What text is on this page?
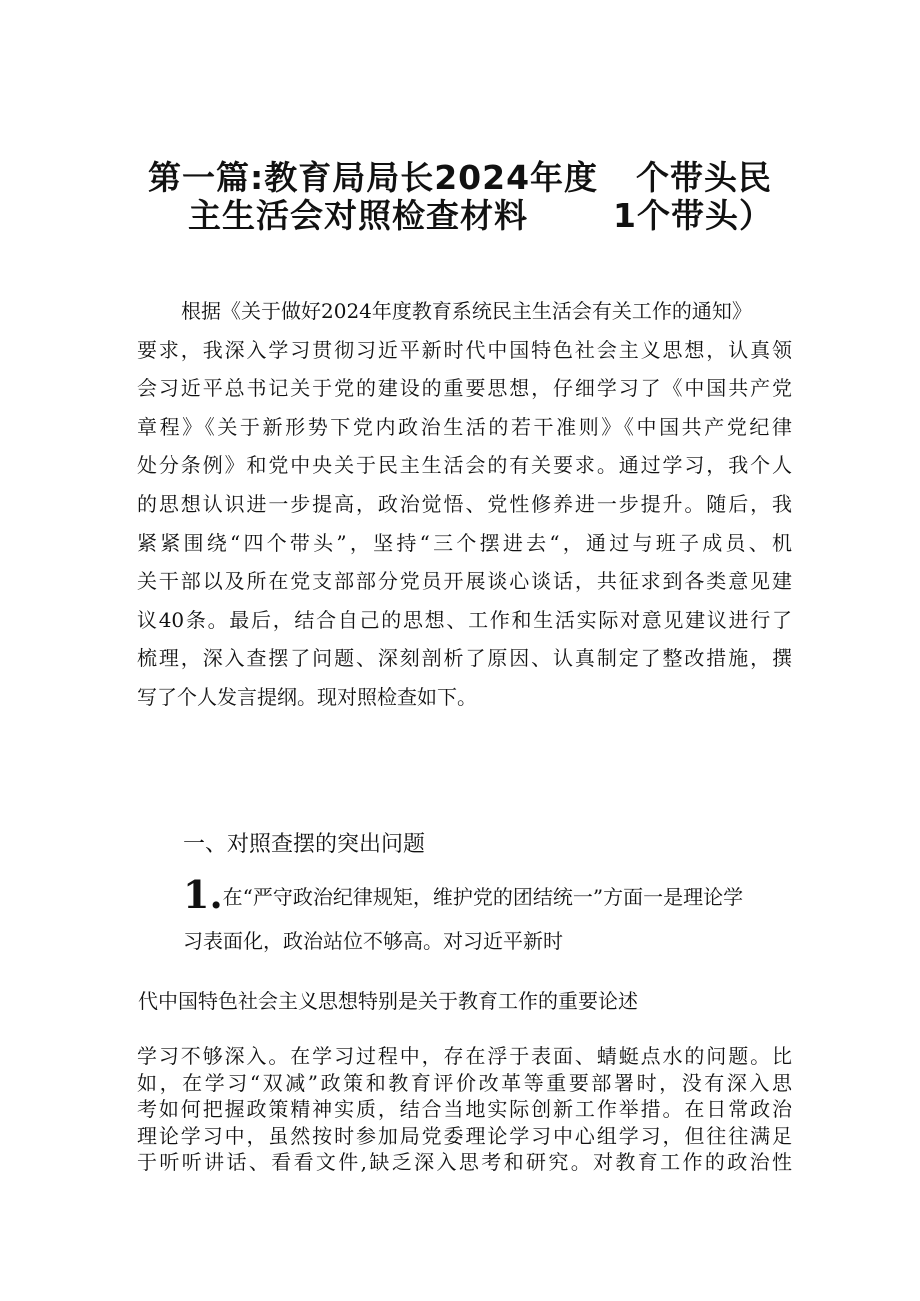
第一篇:教育局局长2024年度 个带头民
主生活会对照检查材料	1个带头）
根据《关于做好2024年度教育系统民主生活会有关工作的通知》
要求，我深入学习贯彻习近平新时代中国特色社会主义思想，认真领
会习近平总书记关于党的建设的重要思想，仔细学习了《中国共产党
章程》《关于新形势下党内政治生活的若干准则》《中国共产党纪律
处分条例》和党中央关于民主生活会的有关要求。通过学习，我个人
的思想认识进一步提高，政治觉悟、党性修养进一步提升。随后，我
紧紧围绕“四个带头”，坚持“三个摆进去“，通过与班子成员、机
关干部以及所在党支部部分党员开展谈心谈话，共征求到各类意见建
议40条。最后，结合自己的思想、工作和生活实际对意见建议进行了
梳理，深入查摆了问题、深刻剖析了原因、认真制定了整改措施，撰
写了个人发言提纲。现对照检查如下。
一、对照查摆的突出问题
1.在“严守政治纪律规矩，维护党的团结统一”方面一是理论学
习表面化，政治站位不够高。对习近平新时
代中国特色社会主义思想特别是关于教育工作的重要论述
学习不够深入。在学习过程中，存在浮于表面、蜻蜓点水的问题。比
如，在学习“双减”政策和教育评价改革等重要部署时，没有深入思
考如何把握政策精神实质，结合当地实际创新工作举措。在日常政治
理论学习中，虽然按时参加局党委理论学习中心组学习，但往往满足
于听听讲话、看看文件,缺乏深入思考和研究。对教育工作的政治性
